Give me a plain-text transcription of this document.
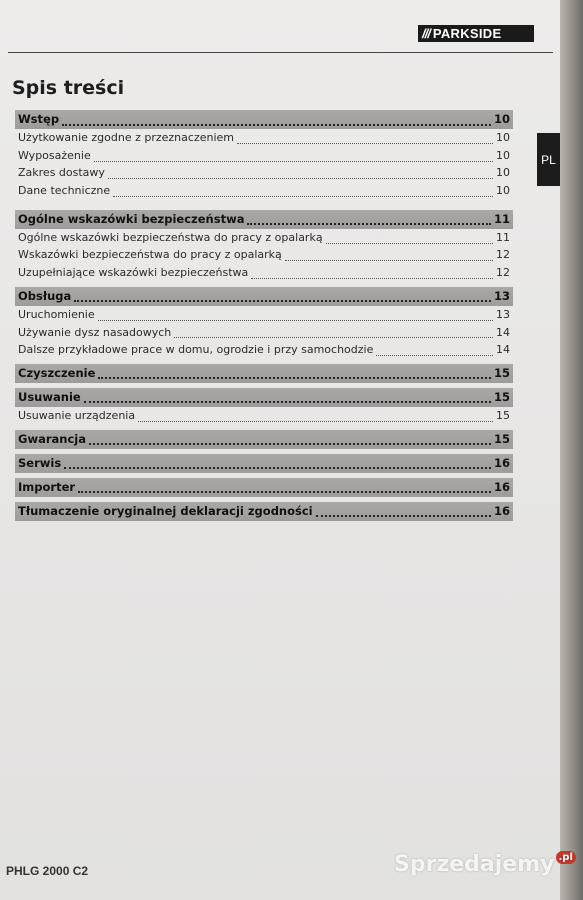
/// PARKSIDE
Spis treści
Wstęp	10
Użytkowanie zgodne z przeznaczeniem	10
Wyposażenie	10
Zakres dostawy	10
Dane techniczne	10
Ogólne wskazówki bezpieczeństwa	11
Ogólne wskazówki bezpieczeństwa do pracy z opalarką	11
Wskazówki bezpieczeństwa do pracy z opalarką	12
Uzupełniające wskazówki bezpieczeństwa	12
Obsługa	13
Uruchomienie	13
Używanie dysz nasadowych	14
Dalsze przykładowe prace w domu, ogrodzie i przy samochodzie	14
Czyszczenie	15
Usuwanie	15
Usuwanie urządzenia	15
Gwarancja	15
Serwis	16
Importer	16
Tłumaczenie oryginalnej deklaracji zgodności	16
PHLG 2000 C2
PL
Sprzedajemy $^{.pl}$
